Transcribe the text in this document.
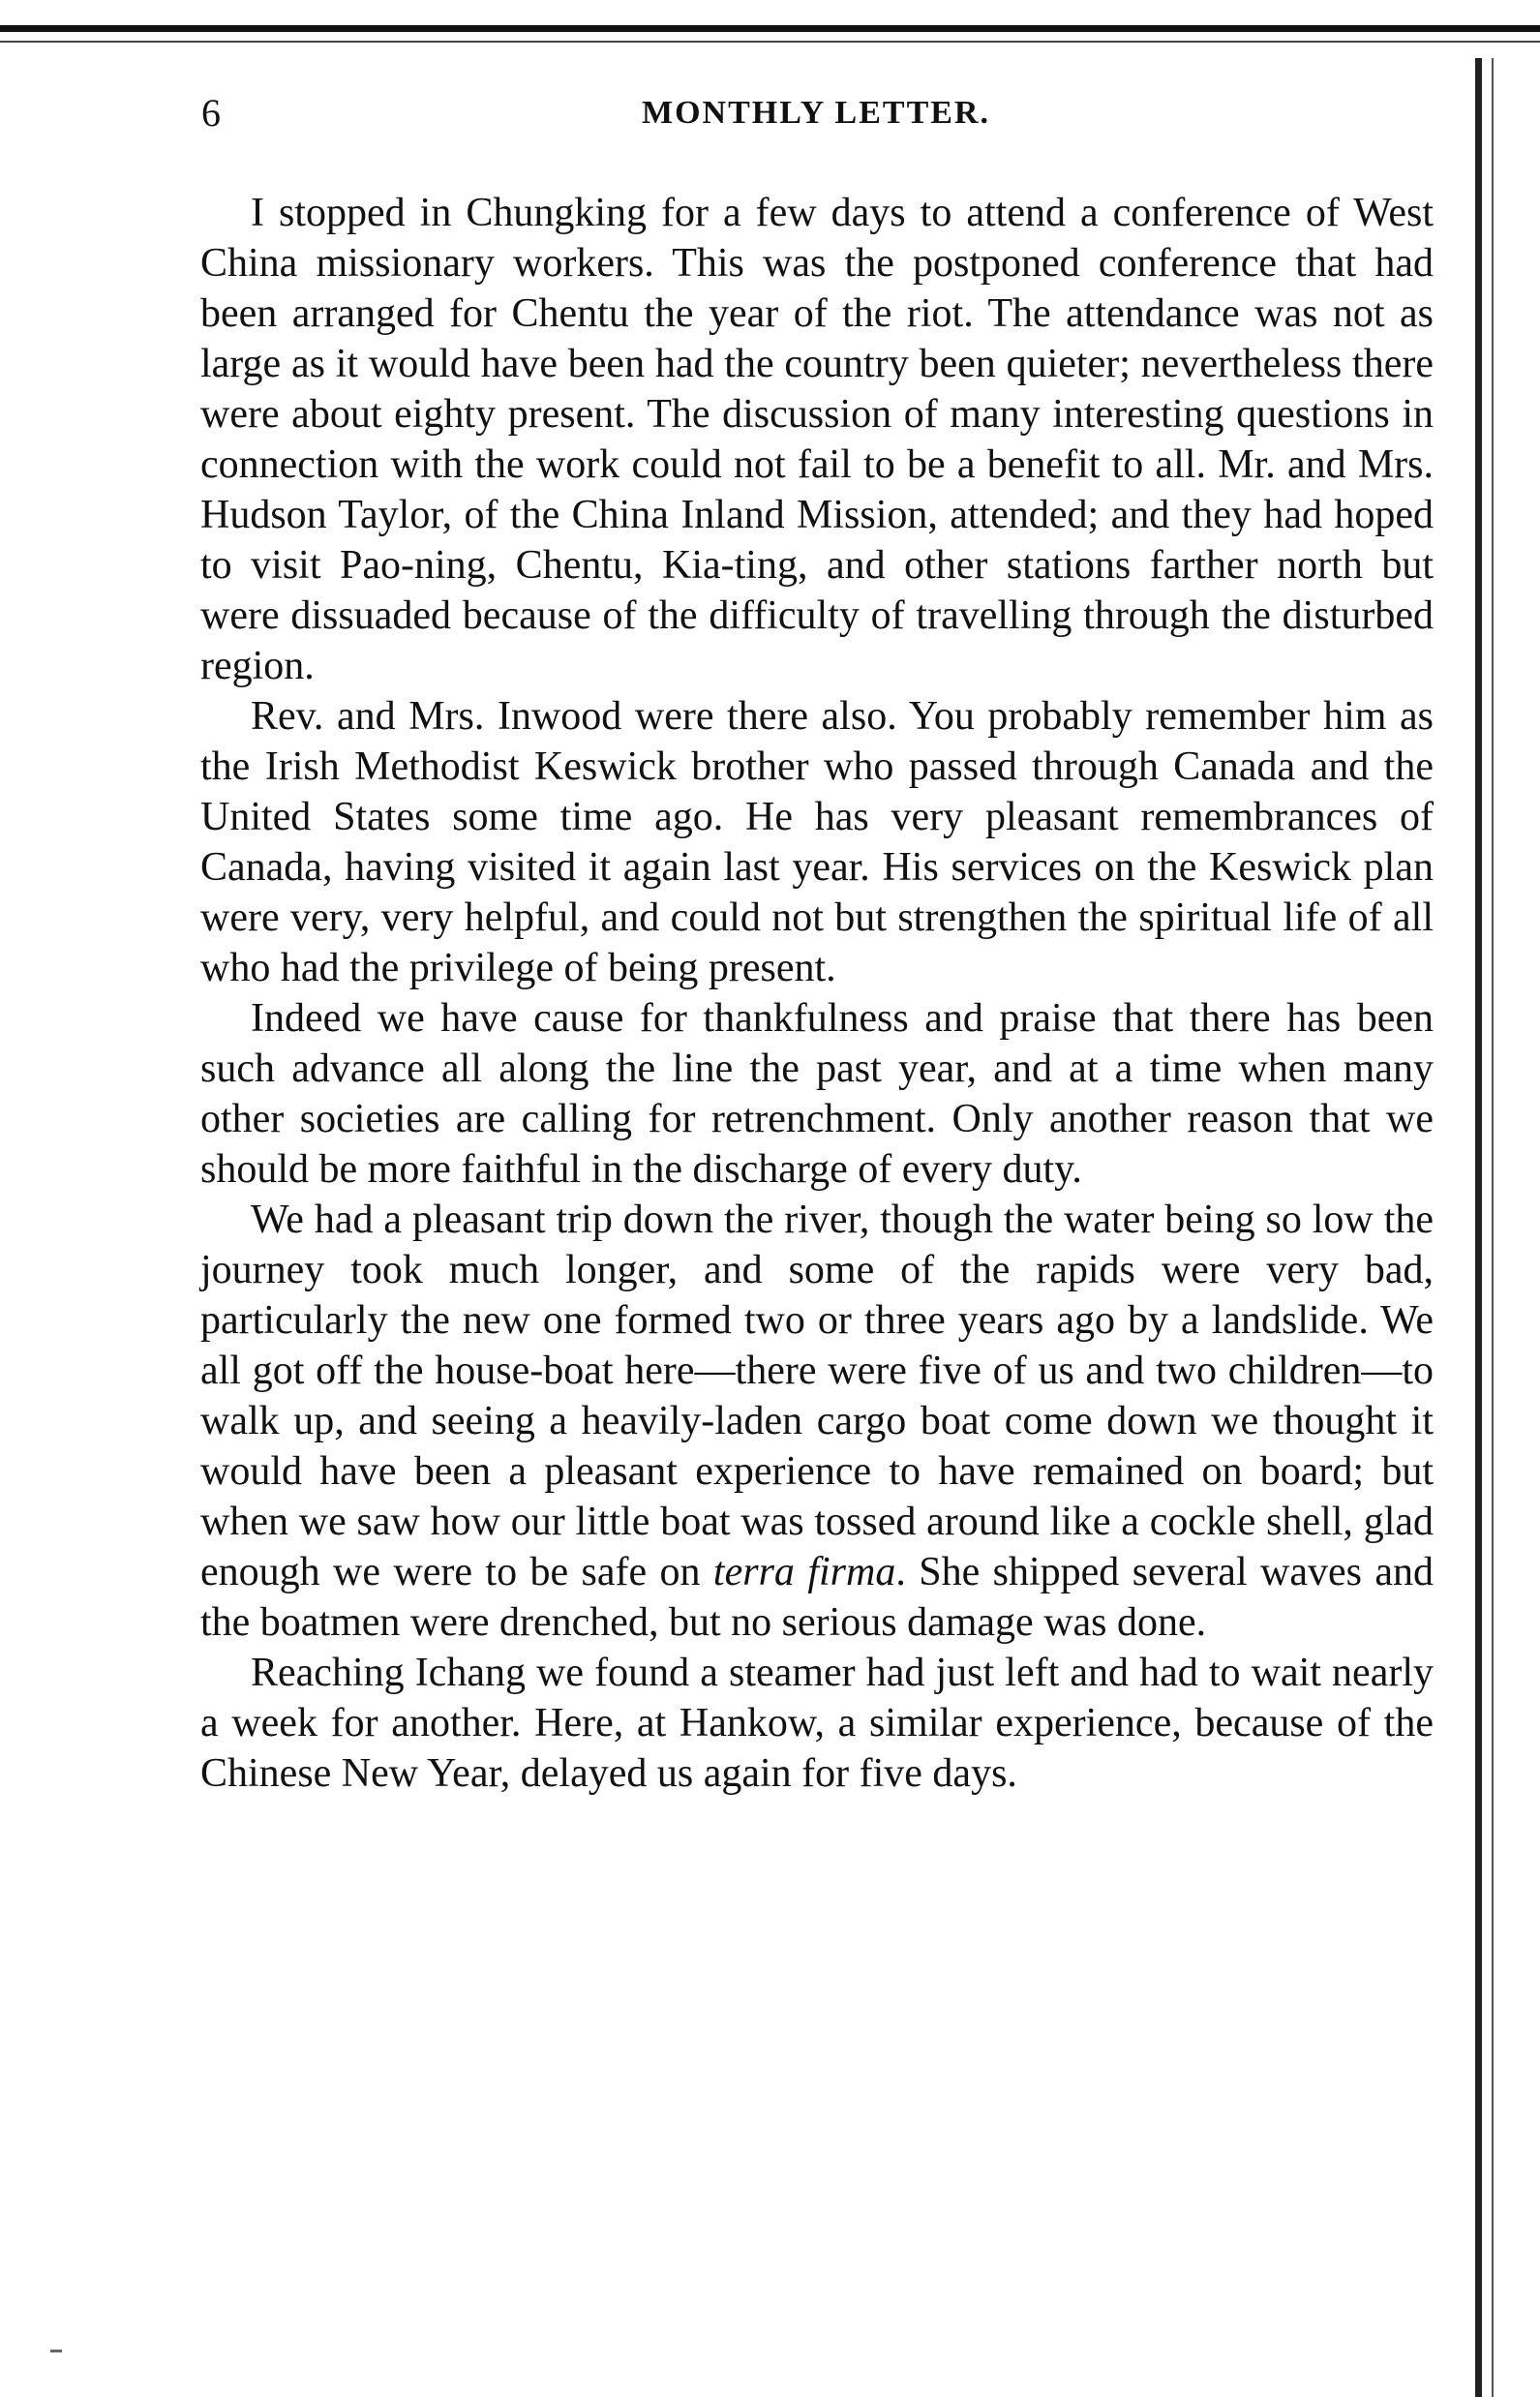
6	MONTHLY LETTER.

I stopped in Chungking for a few days to attend a conference of West China missionary workers. This was the postponed conference that had been arranged for Chentu the year of the riot. The attendance was not as large as it would have been had the country been quieter; nevertheless there were about eighty present. The discussion of many interesting questions in connection with the work could not fail to be a benefit to all. Mr. and Mrs. Hudson Taylor, of the China Inland Mission, attended; and they had hoped to visit Pao-ning, Chentu, Kia-ting, and other stations farther north but were dissuaded because of the difficulty of travelling through the disturbed region.

Rev. and Mrs. Inwood were there also. You probably remember him as the Irish Methodist Keswick brother who passed through Canada and the United States some time ago. He has very pleasant remembrances of Canada, having visited it again last year. His services on the Keswick plan were very, very helpful, and could not but strengthen the spiritual life of all who had the privilege of being present.

Indeed we have cause for thankfulness and praise that there has been such advance all along the line the past year, and at a time when many other societies are calling for retrenchment. Only another reason that we should be more faithful in the discharge of every duty.

We had a pleasant trip down the river, though the water being so low the journey took much longer, and some of the rapids were very bad, particularly the new one formed two or three years ago by a landslide. We all got off the house-boat here—there were five of us and two children—to walk up, and seeing a heavily-laden cargo boat come down we thought it would have been a pleasant experience to have remained on board; but when we saw how our little boat was tossed around like a cockle shell, glad enough we were to be safe on terra firma. She shipped several waves and the boatmen were drenched, but no serious damage was done.

Reaching Ichang we found a steamer had just left and had to wait nearly a week for another. Here, at Hankow, a similar experience, because of the Chinese New Year, delayed us again for five days.
